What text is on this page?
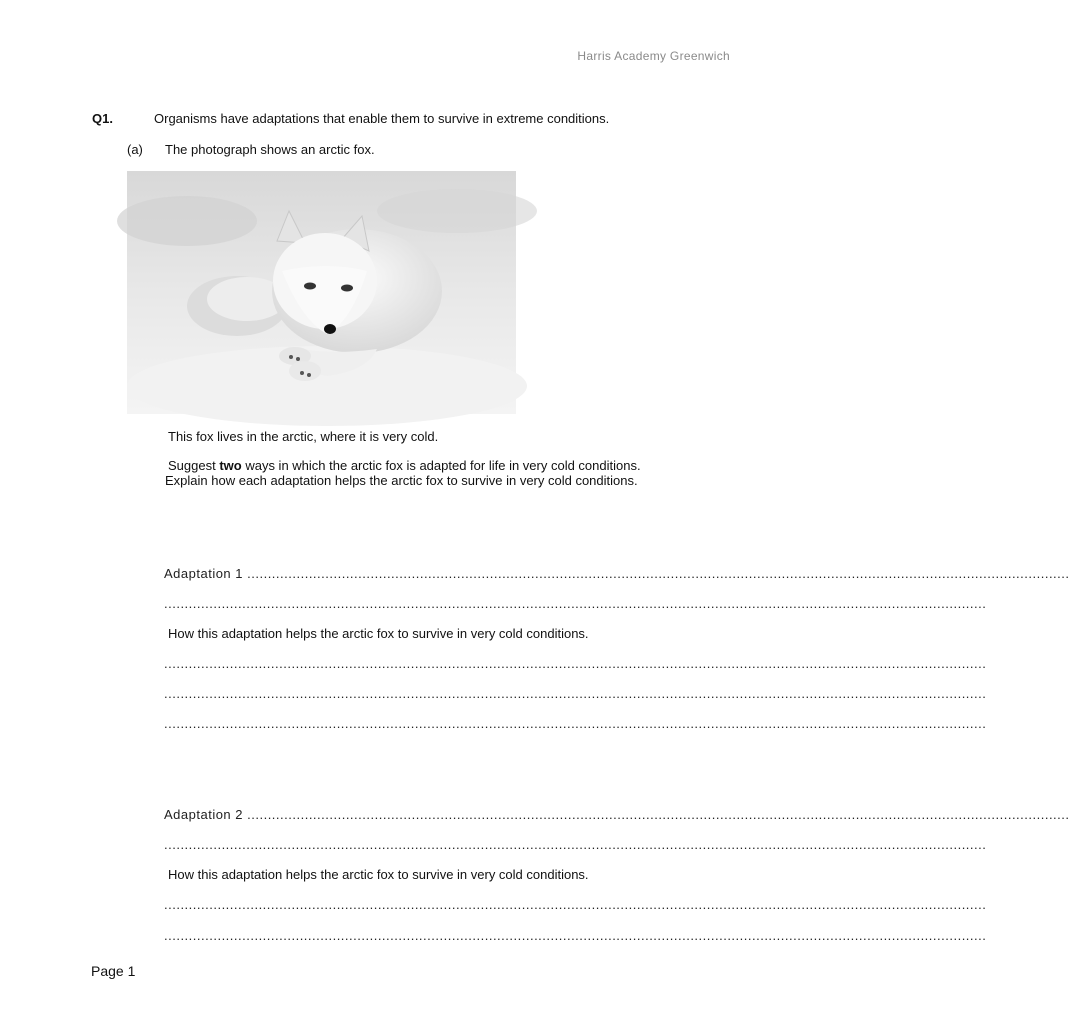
Harris Academy Greenwich
Q1.	Organisms have adaptations that enable them to survive in extreme conditions.
(a) The photograph shows an arctic fox.
This fox lives in the arctic, where it is very cold.
Suggest two ways in which the arctic fox is adapted for life in very cold conditions.
Explain how each adaptation helps the arctic fox to survive in very cold conditions.
Adaptation 1 ........................................................................................................................................................................................................
........................................................................................................................................................................................................
How this adaptation helps the arctic fox to survive in very cold conditions.
........................................................................................................................................................................................................
........................................................................................................................................................................................................
........................................................................................................................................................................................................
Adaptation 2 ........................................................................................................................................................................................................
........................................................................................................................................................................................................
How this adaptation helps the arctic fox to survive in very cold conditions.
........................................................................................................................................................................................................
........................................................................................................................................................................................................
Page 1
